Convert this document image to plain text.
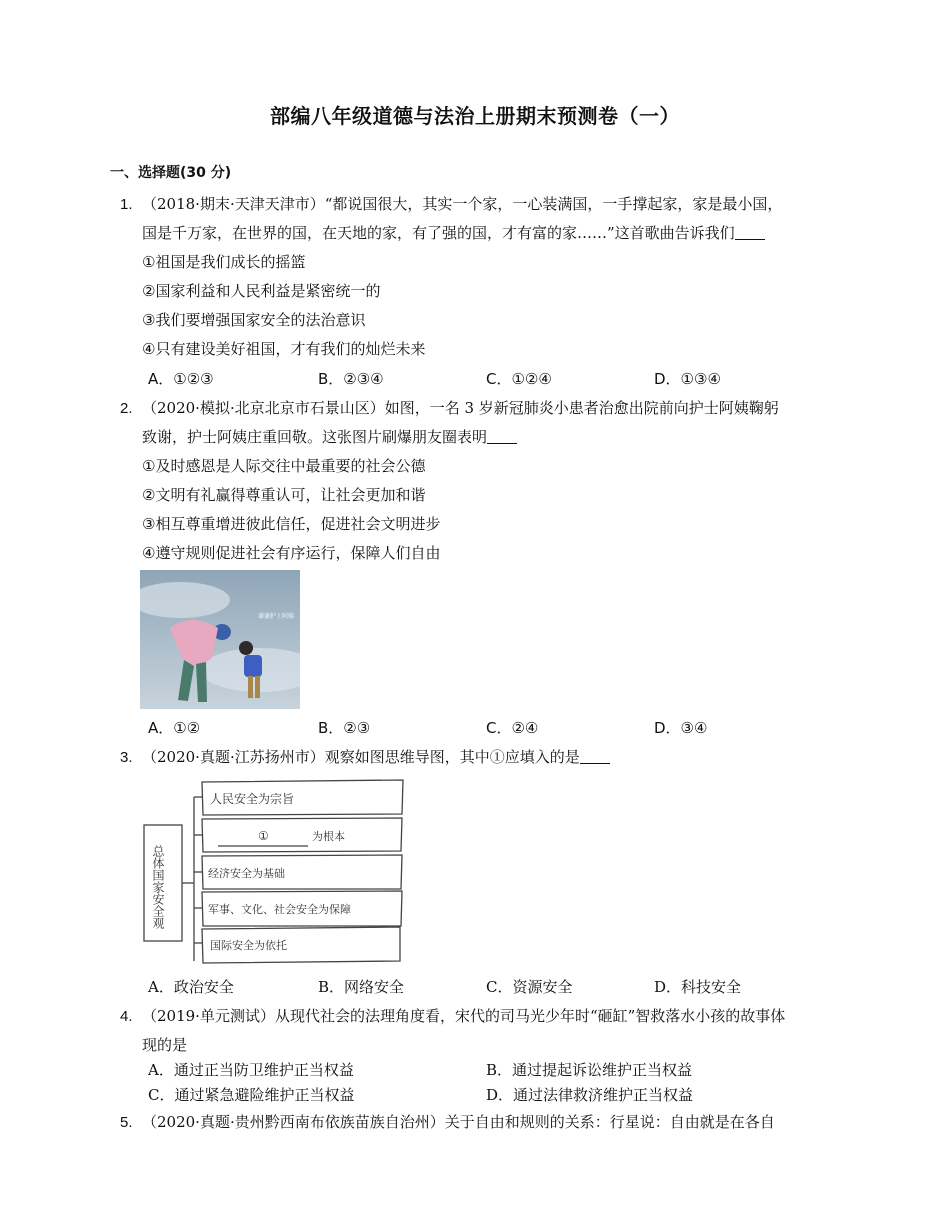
部编八年级道德与法治上册期末预测卷（一）
一、选择题(30 分)
1. （2018·期末·天津天津市）“都说国很大，其实一个家，一心装满国，一手撑起家，家是最小国，
国是千万家，在世界的国，在天地的家，有了强的国，才有富的家……”这首歌曲告诉我们
①祖国是我们成长的摇篮
②国家利益和人民利益是紧密统一的
③我们要增强国家安全的法治意识
④只有建设美好祖国，才有我们的灿烂未来
A．①②③	B．②③④	C．①②④	D．①③④
2. （2020·模拟·北京北京市石景山区）如图，一名 3 岁新冠肺炎小患者治愈出院前向护士阿姨鞠躬
致谢，护士阿姨庄重回敬。这张图片刷爆朋友圈表明
①及时感恩是人际交往中最重要的社会公德
②文明有礼赢得尊重认可，让社会更加和谐
③相互尊重增进彼此信任，促进社会文明进步
④遵守规则促进社会有序运行，保障人们自由
谢谢护士阿姨
A．①②	B．②③	C．②④	D．③④
3. （2020·真题·江苏扬州市）观察如图思维导图，其中①应填入的是
总体国家安全观
人民安全为宗旨
①	为根本
经济安全为基础
军事、文化、社会安全为保障
国际安全为依托
A．政治安全	B．网络安全	C．资源安全	D．科技安全
4. （2019·单元测试）从现代社会的法理角度看，宋代的司马光少年时“砸缸”智救落水小孩的故事体
现的是
A．通过正当防卫维护正当权益	B．通过提起诉讼维护正当权益
C．通过紧急避险维护正当权益	D．通过法律救济维护正当权益
5. （2020·真题·贵州黔西南布依族苗族自治州）关于自由和规则的关系：行星说：自由就是在各自
